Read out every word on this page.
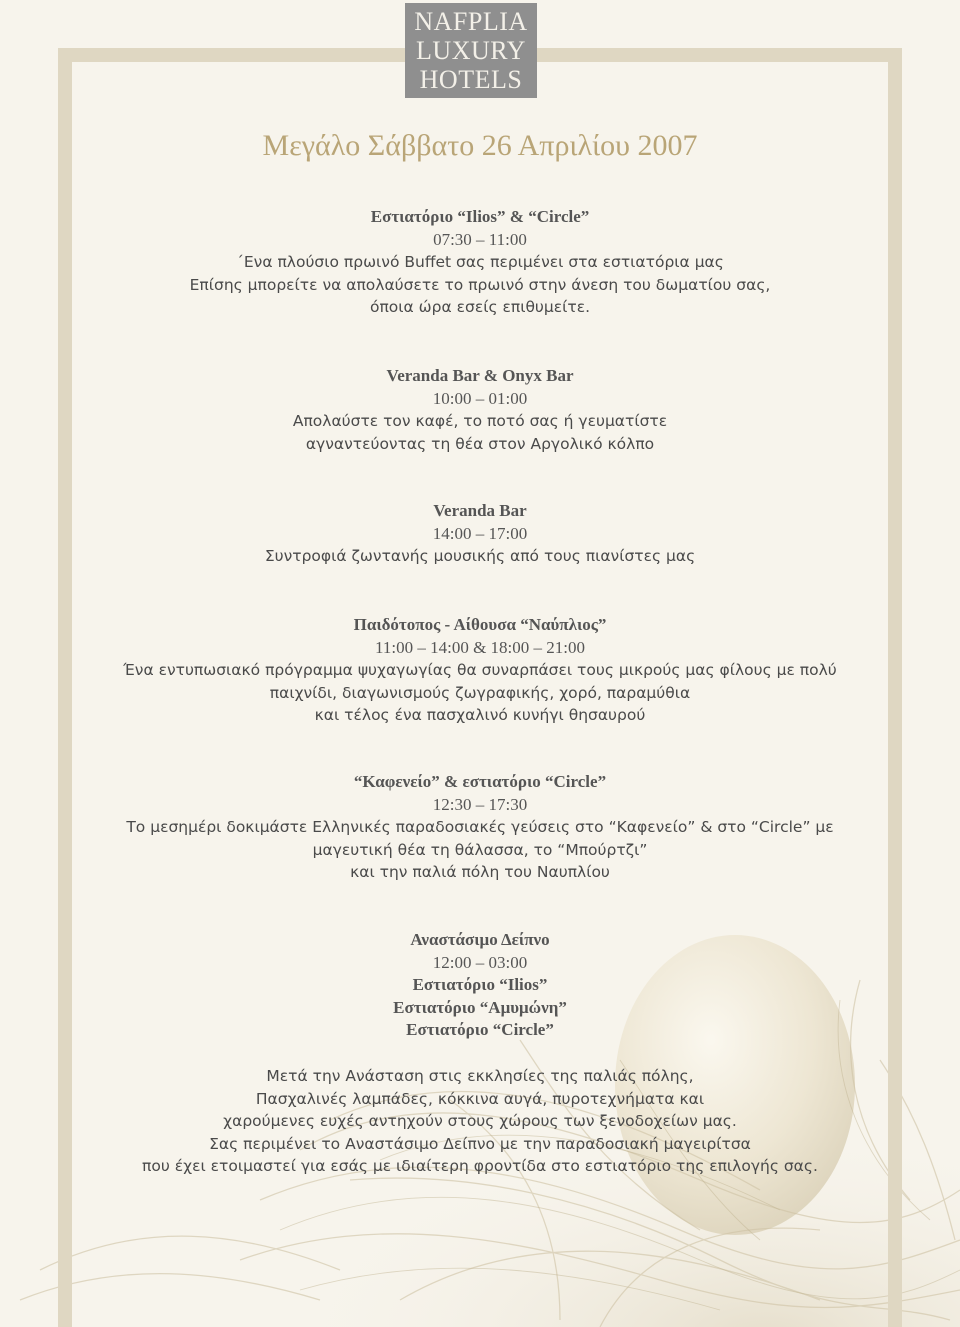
NAFPLIA
LUXURY
HOTELS
Μεγάλο Σάββατο 26 Απριλίου 2007
Εστιατόριο “Ilios” & “Circle”
07:30 – 11:00
΄Ενα πλούσιο πρωινό Buffet σας περιμένει στα εστιατόρια μας
Επίσης μπορείτε να απολαύσετε το πρωινό στην άνεση του δωματίου σας,
όποια ώρα εσείς επιθυμείτε.
Veranda Bar & Onyx Bar
10:00 – 01:00
Απολαύστε τον καφέ, το ποτό σας ή γευματίστε
αγναντεύοντας τη θέα στον Αργολικό κόλπο
Veranda Bar
14:00 – 17:00
Συντροφιά ζωντανής μουσικής από τους πιανίστες μας
Παιδότοπος - Αίθουσα “Ναύπλιος”
11:00 – 14:00 & 18:00 – 21:00
Ένα εντυπωσιακό πρόγραμμα ψυχαγωγίας θα συναρπάσει τους μικρούς μας φίλους με πολύ
παιχνίδι, διαγωνισμούς ζωγραφικής, χορό, παραμύθια
και τέλος ένα πασχαλινό κυνήγι θησαυρού
“Καφενείο” & εστιατόριο “Circle”
12:30 – 17:30
Το μεσημέρι δοκιμάστε Ελληνικές παραδοσιακές γεύσεις στο “Καφενείο” & στο “Circle” με
μαγευτική θέα τη θάλασσα, το “Μπούρτζι”
και την παλιά πόλη του Ναυπλίου
Αναστάσιμο Δείπνο
12:00 – 03:00
Εστιατόριο “Ilios”
Εστιατόριο “Αμυμώνη”
Εστιατόριο “Circle”
Μετά την Ανάσταση στις εκκλησίες της παλιάς πόλης,
Πασχαλινές λαμπάδες, κόκκινα αυγά, πυροτεχνήματα και
χαρούμενες ευχές αντηχούν στους χώρους των ξενοδοχείων μας.
Σας περιμένει το Αναστάσιμο Δείπνο με την παραδοσιακή μαγειρίτσα
που έχει ετοιμαστεί για εσάς με ιδιαίτερη φροντίδα στο εστιατόριο της επιλογής σας.
